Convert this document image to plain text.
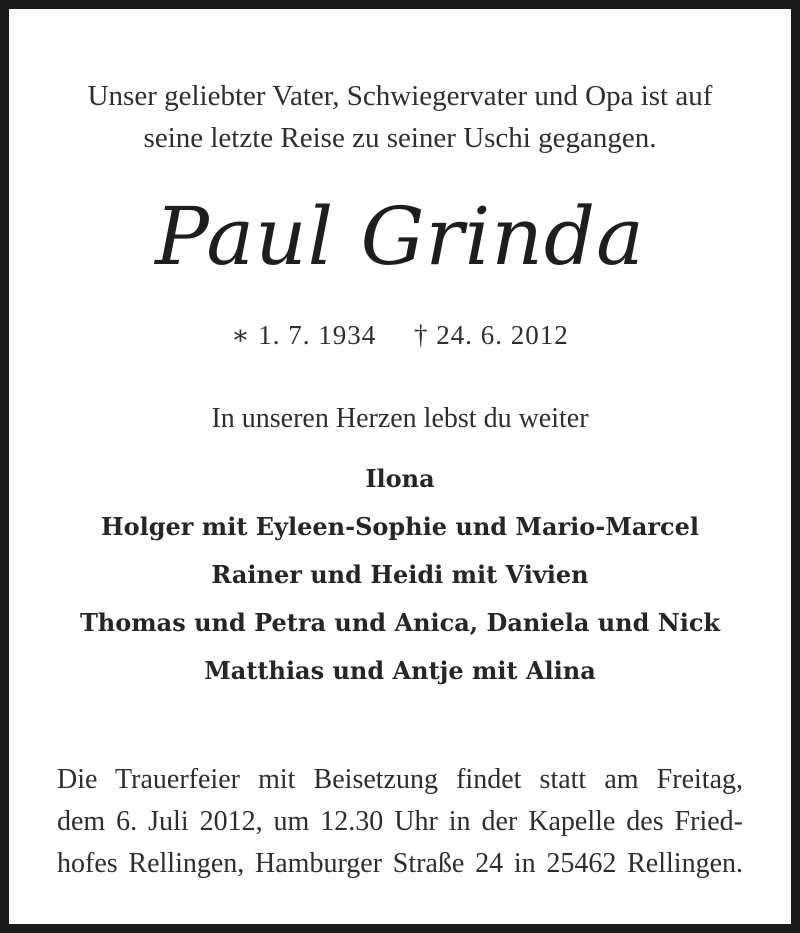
Unser geliebter Vater, Schwiegervater und Opa ist auf
seine letzte Reise zu seiner Uschi gegangen.
Paul Grinda
∗ 1. 7. 1934 † 24. 6. 2012
In unseren Herzen lebst du weiter
Ilona
Holger mit Eyleen-Sophie und Mario-Marcel
Rainer und Heidi mit Vivien
Thomas und Petra und Anica, Daniela und Nick
Matthias und Antje mit Alina
Die Trauerfeier mit Beisetzung findet statt am Freitag,
dem 6. Juli 2012, um 12.30 Uhr in der Kapelle des Fried-
hofes Rellingen, Hamburger Straße 24 in 25462 Rellingen.
